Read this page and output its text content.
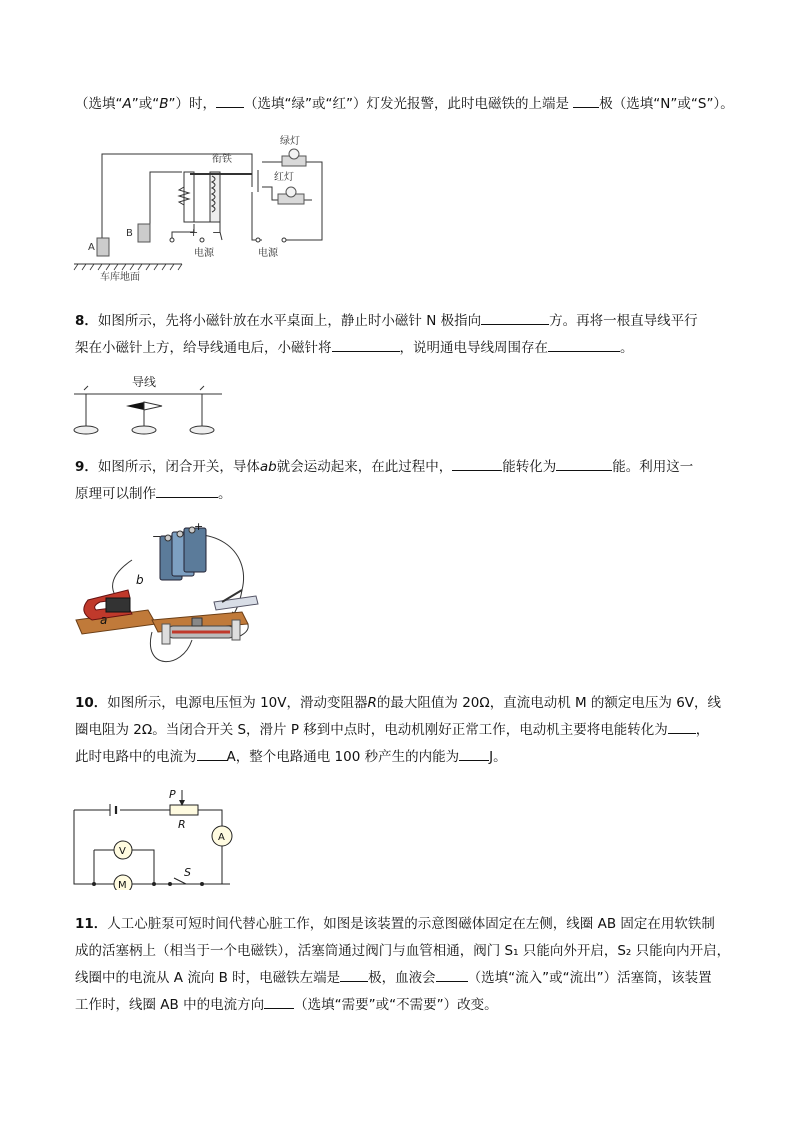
（选填“A”或“B”）时， （选填“绿”或“红”）灯发光报警，此时电磁铁的上端是 极（选填“N”或“S”）。
衔铁
绿灯
红灯
A
B	+ −
电源	电源
车库地面
8．如图所示，先将小磁针放在水平桌面上，静止时小磁针 N 极指向	方。再将一根直导线平行
架在小磁针上方，给导线通电后，小磁针将	，说明通电导线周围存在	。
导线
9．如图所示，闭合开关，导体ab就会运动起来，在此过程中，	能转化为	能。利用这一
原理可以制作	。
−
+
b
a
10．如图所示，电源电压恒为 10V，滑动变阻器R的最大阻值为 20Ω，直流电动机 M 的额定电压为 6V，线
圈电阻为 2Ω。当闭合开关 S，滑片 P 移到中点时，电动机刚好正常工作，电动机主要将电能转化为 ，
此时电路中的电流为 A，整个电路通电 100 秒产生的内能为 J。
P
R
A
V
M
S
11．人工心脏泵可短时间代替心脏工作，如图是该装置的示意图磁体固定在左侧，线圈 AB 固定在用软铁制
成的活塞柄上（相当于一个电磁铁），活塞筒通过阀门与血管相通，阀门 S₁ 只能向外开启，S₂ 只能向内开启，
线圈中的电流从 A 流向 B 时，电磁铁左端是 极，血液会 （选填“流入”或“流出”）活塞筒，该装置
工作时，线圈 AB 中的电流方向 （选填“需要”或“不需要”）改变。
